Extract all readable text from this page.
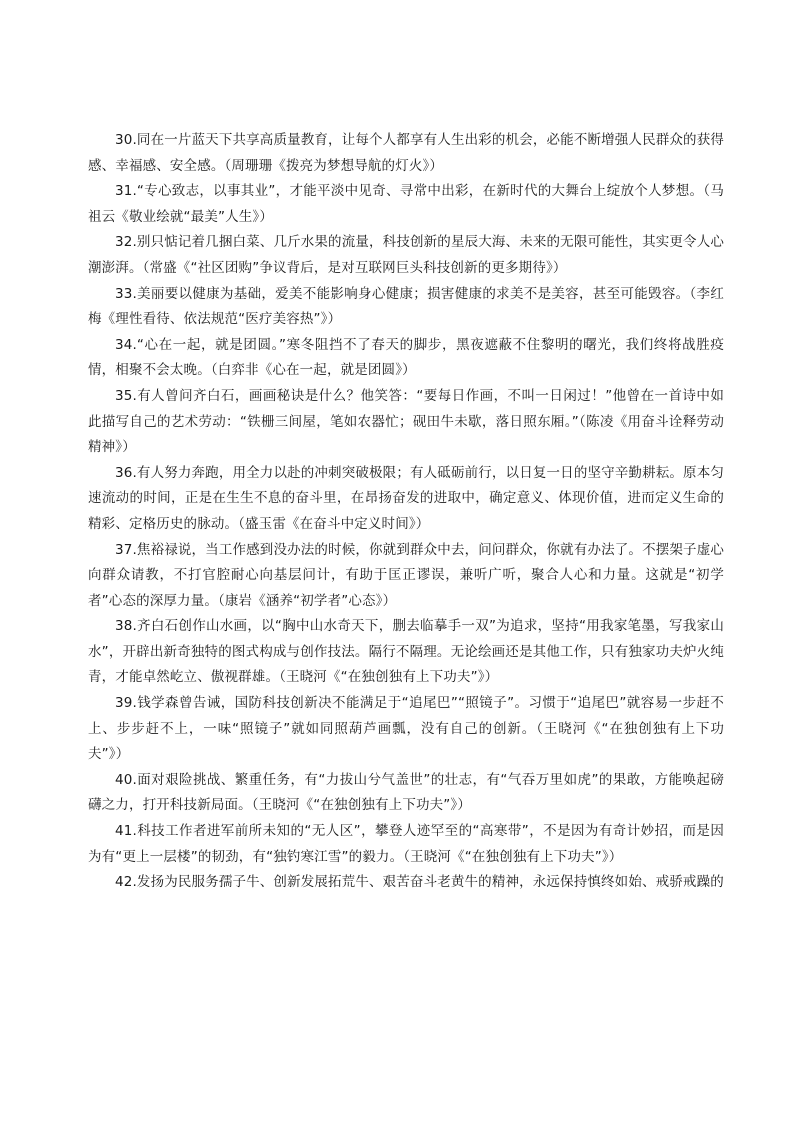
30.同在一片蓝天下共享高质量教育，让每个人都享有人生出彩的机会，必能不断增强人民群众的获得感、幸福感、安全感。（周珊珊《拨亮为梦想导航的灯火》）

31.“专心致志，以事其业”，才能平淡中见奇、寻常中出彩，在新时代的大舞台上绽放个人梦想。（马祖云《敬业绘就“最美”人生》）

32.别只惦记着几捆白菜、几斤水果的流量，科技创新的星辰大海、未来的无限可能性，其实更令人心潮澎湃。（常盛《“社区团购”争议背后，是对互联网巨头科技创新的更多期待》）

33.美丽要以健康为基础，爱美不能影响身心健康；损害健康的求美不是美容，甚至可能毁容。（李红梅《理性看待、依法规范“医疗美容热”》）

34.“心在一起，就是团圆。”寒冬阻挡不了春天的脚步，黑夜遮蔽不住黎明的曙光，我们终将战胜疫情，相聚不会太晚。（白弈非《心在一起，就是团圆》）

35.有人曾问齐白石，画画秘诀是什么？他笑答：“要每日作画，不叫一日闲过！”他曾在一首诗中如此描写自己的艺术劳动：“铁栅三间屋，笔如农器忙；砚田牛未歇，落日照东厢。”（陈凌《用奋斗诠释劳动精神》）

36.有人努力奔跑，用全力以赴的冲刺突破极限；有人砥砺前行，以日复一日的坚守辛勤耕耘。原本匀速流动的时间，正是在生生不息的奋斗里，在昂扬奋发的进取中，确定意义、体现价值，进而定义生命的精彩、定格历史的脉动。（盛玉雷《在奋斗中定义时间》）

37.焦裕禄说，当工作感到没办法的时候，你就到群众中去，问问群众，你就有办法了。不摆架子虚心向群众请教，不打官腔耐心向基层问计，有助于匡正谬误，兼听广听，聚合人心和力量。这就是“初学者”心态的深厚力量。（康岩《涵养“初学者”心态》）

38.齐白石创作山水画，以“胸中山水奇天下，删去临摹手一双”为追求，坚持“用我家笔墨，写我家山水”，开辟出新奇独特的图式构成与创作技法。隔行不隔理。无论绘画还是其他工作，只有独家功夫炉火纯青，才能卓然屹立、傲视群雄。（王晓河《“在独创独有上下功夫”》）

39.钱学森曾告诫，国防科技创新决不能满足于“追尾巴”“照镜子”。习惯于“追尾巴”就容易一步赶不上、步步赶不上，一味“照镜子”就如同照葫芦画瓢，没有自己的创新。（王晓河《“在独创独有上下功夫”》）

40.面对艰险挑战、繁重任务，有“力拔山兮气盖世”的壮志，有“气吞万里如虎”的果敢，方能唤起磅礴之力，打开科技新局面。（王晓河《“在独创独有上下功夫”》）

41.科技工作者进军前所未知的“无人区”，攀登人迹罕至的“高寒带”，不是因为有奇计妙招，而是因为有“更上一层楼”的韧劲，有“独钓寒江雪”的毅力。（王晓河《“在独创独有上下功夫”》）

42.发扬为民服务孺子牛、创新发展拓荒牛、艰苦奋斗老黄牛的精神，永远保持慎终如始、戒骄戒躁的
